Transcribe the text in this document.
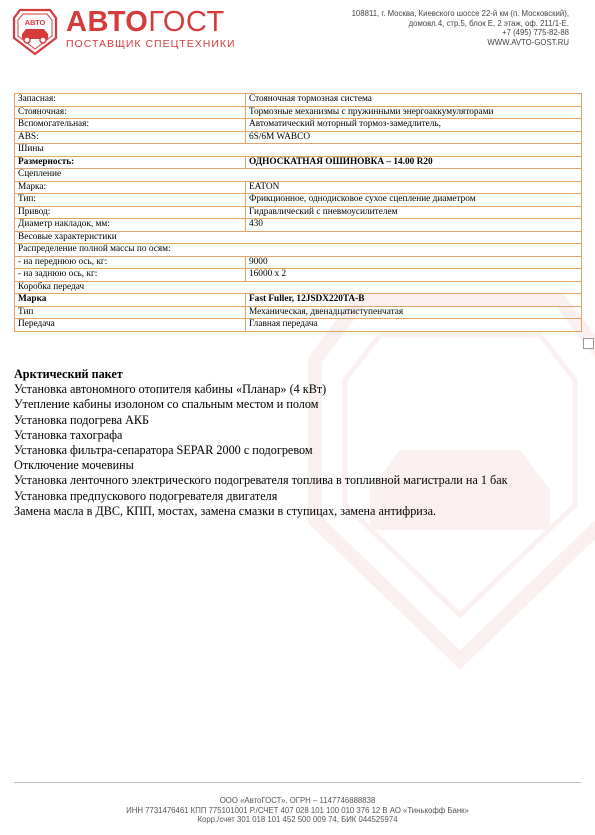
АВТО АВТОГОСТ
ПОСТАВЩИК СПЕЦТЕХНИКИ
108811, г. Москва, Киевского шоссе 22-й км (п. Московский),
домовл.4, стр.5, блок Е, 2 этаж, оф. 211/1-Е.
+7 (495) 775-82-88
WWW.AVTO-GOST.RU
Запасная:	Стояночная тормозная система
Стояночная:	Тормозные механизмы с пружинными энергоаккумуляторами
Вспомогательная:	Автоматический моторный тормоз-замедлитель,
ABS:	6S/6M WABCO
Шины	
Размерность:	ОДНОСКАТНАЯ ОШИНОВКА – 14.00 R20
Сцепление	
Марка:	EATON
Тип:	Фрикционное, однодисковое сухое сцепление диаметром
Привод:	Гидравлический с пневмоусилителем
Диаметр накладок, мм:	430
Весовые характеристики	
Распределение полной массы по осям:	
- на переднюю ось, кг:	9000
- на заднюю ось, кг:	16000 х 2
Коробка передач	
Марка	Fast Fuller, 12JSDX220TA-B
Тип	Механическая, двенадцатиступенчатая
Передача	Главная передача
Арктический пакет
Установка автономного отопителя кабины «Планар» (4 кВт)
Утепление кабины изолоном со спальным местом и полом
Установка подогрева АКБ
Установка тахографа
Установка фильтра-сепаратора SEPAR 2000 с подогревом
Отключение мочевины
Установка ленточного электрического подогревателя топлива в топливной магистрали на 1 бак
Установка предпускового подогревателя двигателя
Замена масла в ДВС, КПП, мостах, замена смазки в ступицах, замена антифриза.
ООО «АвтоГОСТ». ОГРН – 1147746888838
ИНН 7731476461 КПП 775101001 Р./СЧЕТ 407 028 101 100 010 376 12 В АО «Тинькофф Банк»
Корр./счет 301 018 101 452 500 009 74, БИК 044525974
